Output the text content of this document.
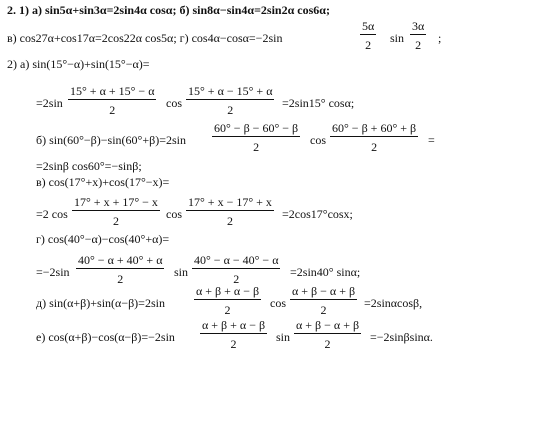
2. 1) а) sin5α+sin3α=2sin4α cosα; б) sin8α−sin4α=2sin2α cos6α;
в) cos27α+cos17α=2cos22α cos5α; г) cos4α−cosα=−2sin	$\frac{5\alpha}{2}$ $\sin \frac{3\alpha}{2}$ ;
2) а) sin(15°−α)+sin(15°−α)=
$=2\sin \frac{15^\circ + \alpha + 15^\circ - \alpha}{2}$ $\cos \frac{15^\circ + \alpha - 15^\circ + \alpha}{2} =2\sin 15^\circ$ cosα;
б) $\sin(60^\circ-\beta)-\sin(60^\circ+\beta)=2\sin \frac{60^\circ - \beta - 60^\circ - \beta}{2}$ $\cos \frac{60^\circ - \beta + 60^\circ + \beta}{2}$ =
=2sinβ cos60°=−sinβ;
в) cos(17°+x)+cos(17°−x)=
=2 $\cos \frac{17^\circ + x + 17^\circ - x}{2}$ $\cos \frac{17^\circ + x - 17^\circ + x}{2} =2\cos 17^\circ\cos x$;
г) cos(40°−α)−cos(40°+α)=
$=-2\sin \frac{40^\circ - \alpha + 40^\circ + \alpha}{2}$ $\sin \frac{40^\circ - \alpha - 40^\circ - \alpha}{2} =2\sin 40^\circ$ sinα;
д) $\sin(\alpha+\beta)+\sin(\alpha-\beta)=2\sin \frac{\alpha + \beta + \alpha - \beta}{2}$ $\cos \frac{\alpha + \beta - \alpha + \beta}{2} =2\sin\alpha\cos\beta$,
е) $\cos(\alpha+\beta)-\cos(\alpha-\beta)=-2\sin \frac{\alpha + \beta + \alpha - \beta}{2}$ $\sin \frac{\alpha + \beta - \alpha + \beta}{2} =-2\sin\beta\sin\alpha$.
